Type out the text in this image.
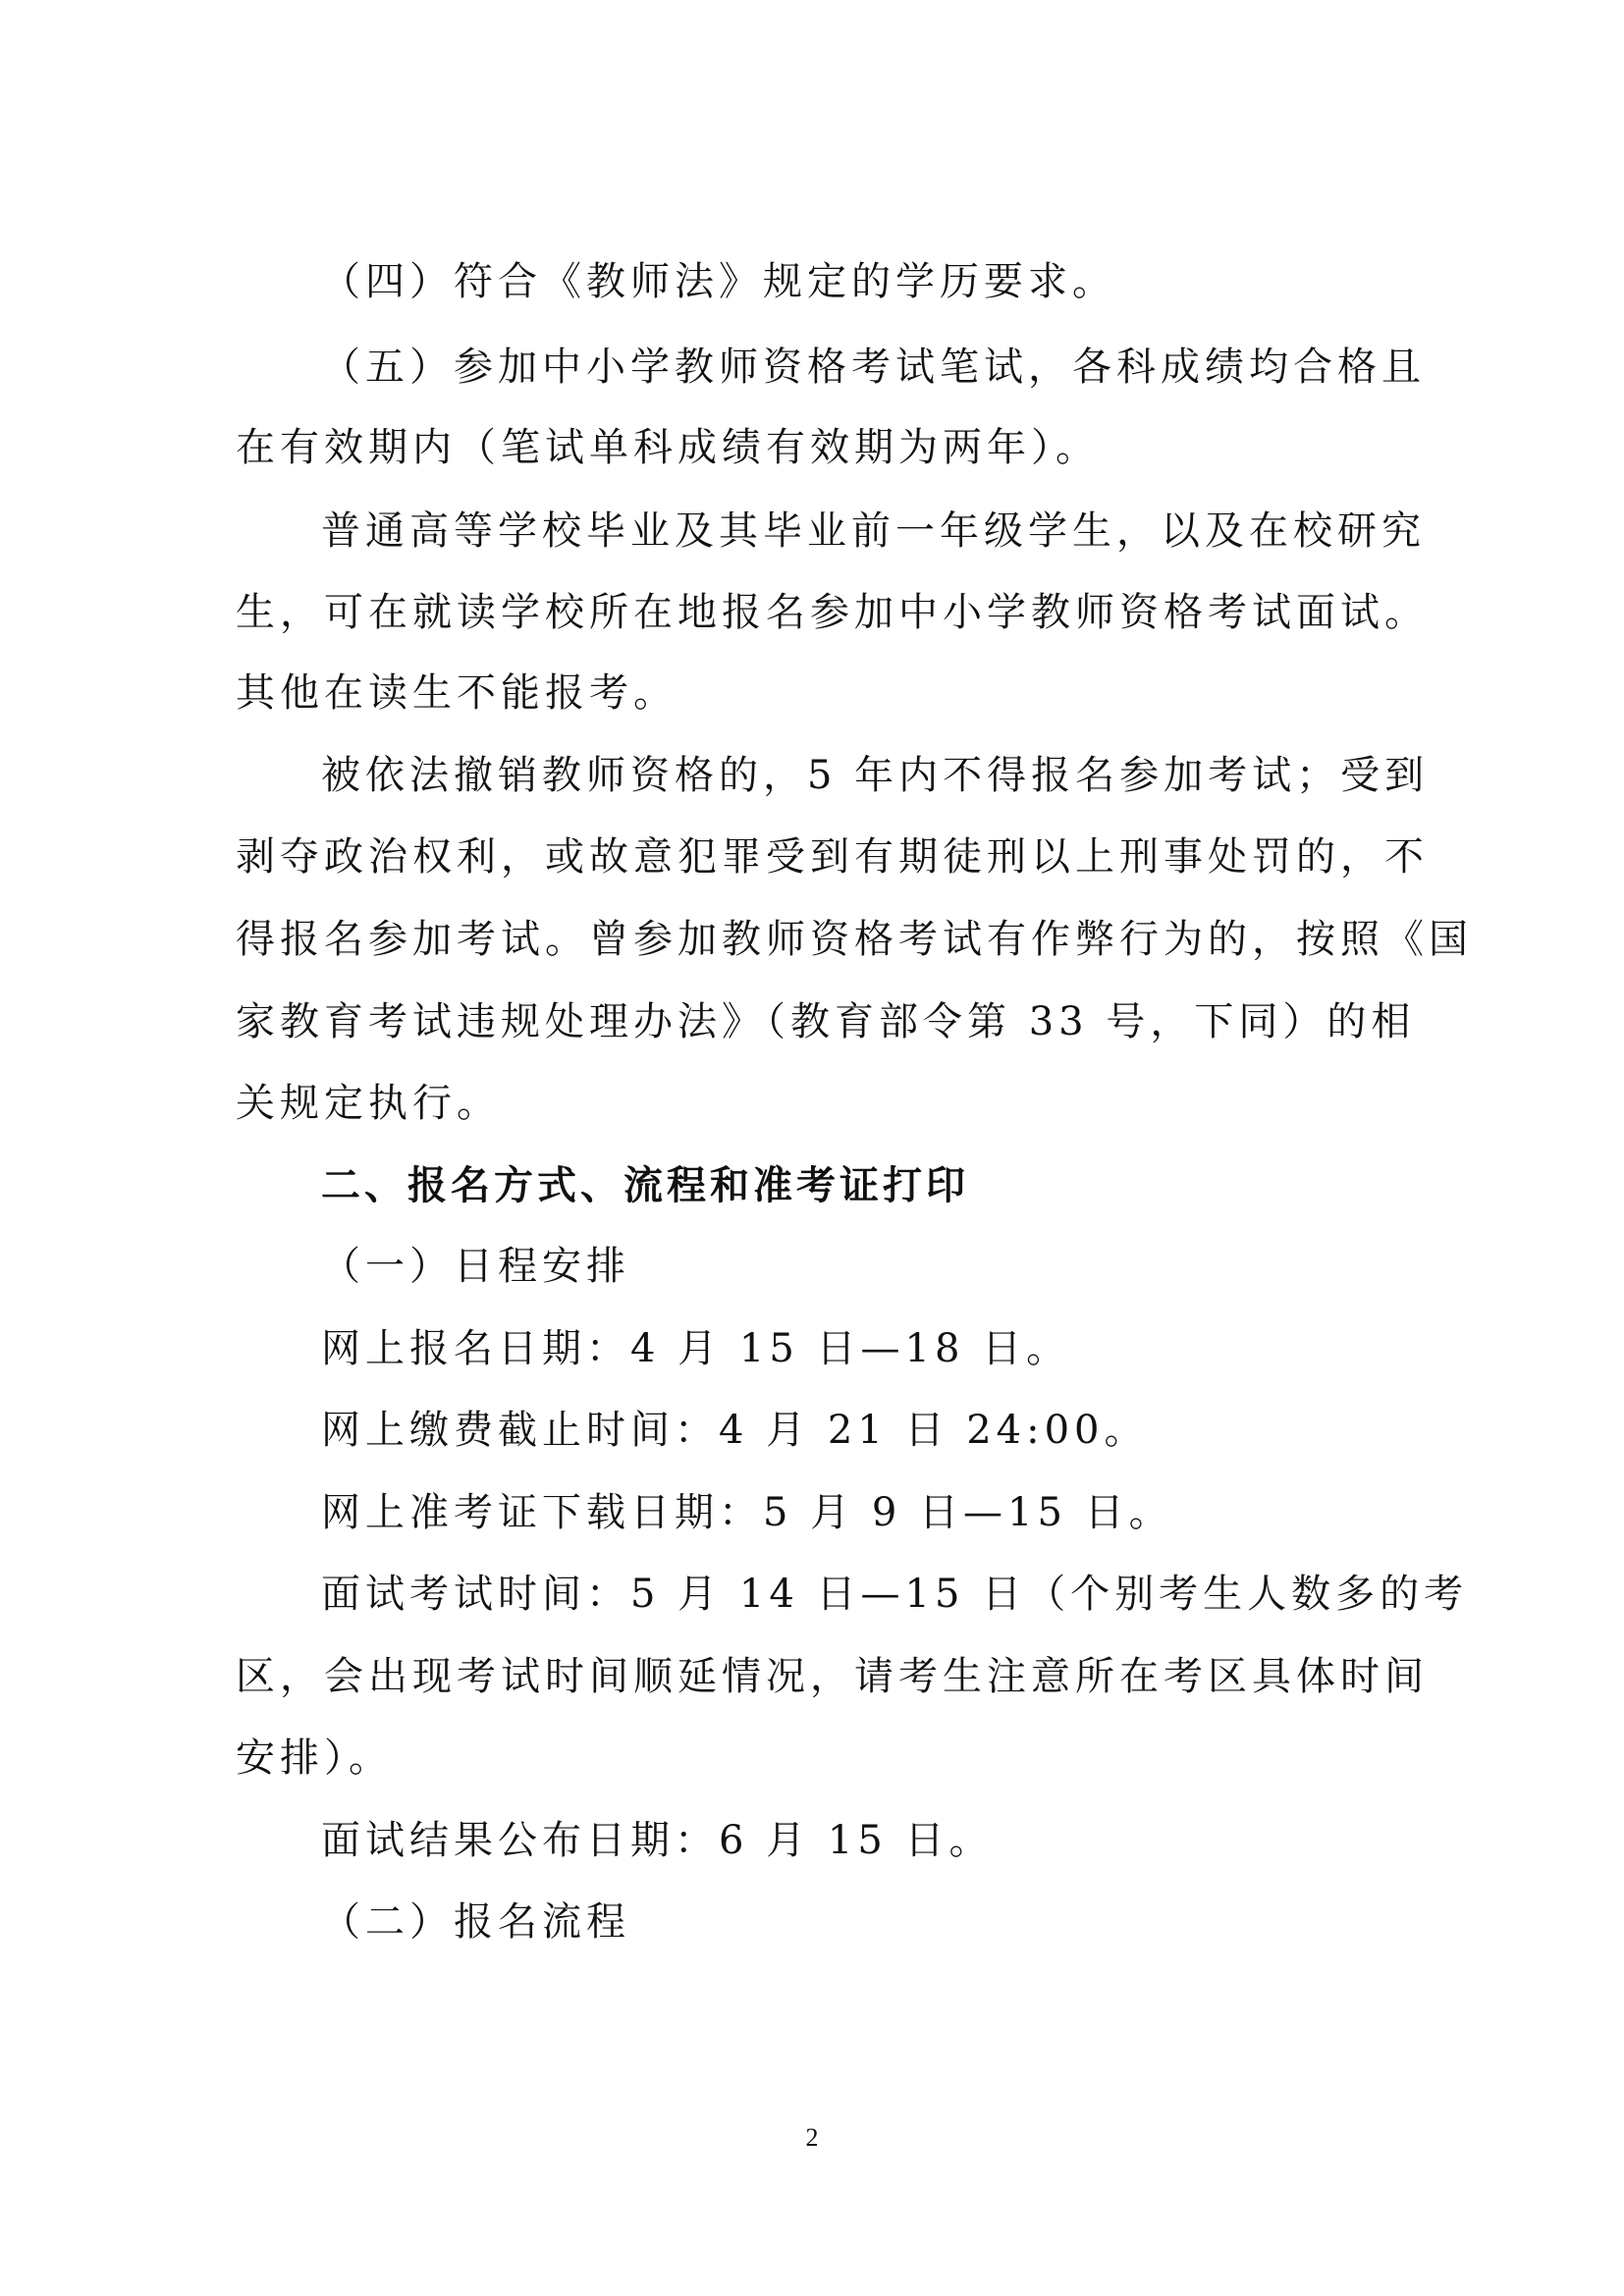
（四）符合《教师法》规定的学历要求。
（五）参加中小学教师资格考试笔试，各科成绩均合格且
在有效期内（笔试单科成绩有效期为两年）。
普通高等学校毕业及其毕业前一年级学生，以及在校研究
生，可在就读学校所在地报名参加中小学教师资格考试面试。
其他在读生不能报考。
被依法撤销教师资格的，5 年内不得报名参加考试；受到
剥夺政治权利，或故意犯罪受到有期徒刑以上刑事处罚的，不
得报名参加考试。曾参加教师资格考试有作弊行为的，按照《国
家教育考试违规处理办法》（教育部令第 33 号，下同）的相
关规定执行。
二、报名方式、流程和准考证打印
（一）日程安排
网上报名日期：4 月 15 日—18 日。
网上缴费截止时间：4 月 21 日 24:00。
网上准考证下载日期：5 月 9 日—15 日。
面试考试时间：5 月 14 日—15 日（个别考生人数多的考
区，会出现考试时间顺延情况，请考生注意所在考区具体时间
安排）。
面试结果公布日期：6 月 15 日。
（二）报名流程
2
